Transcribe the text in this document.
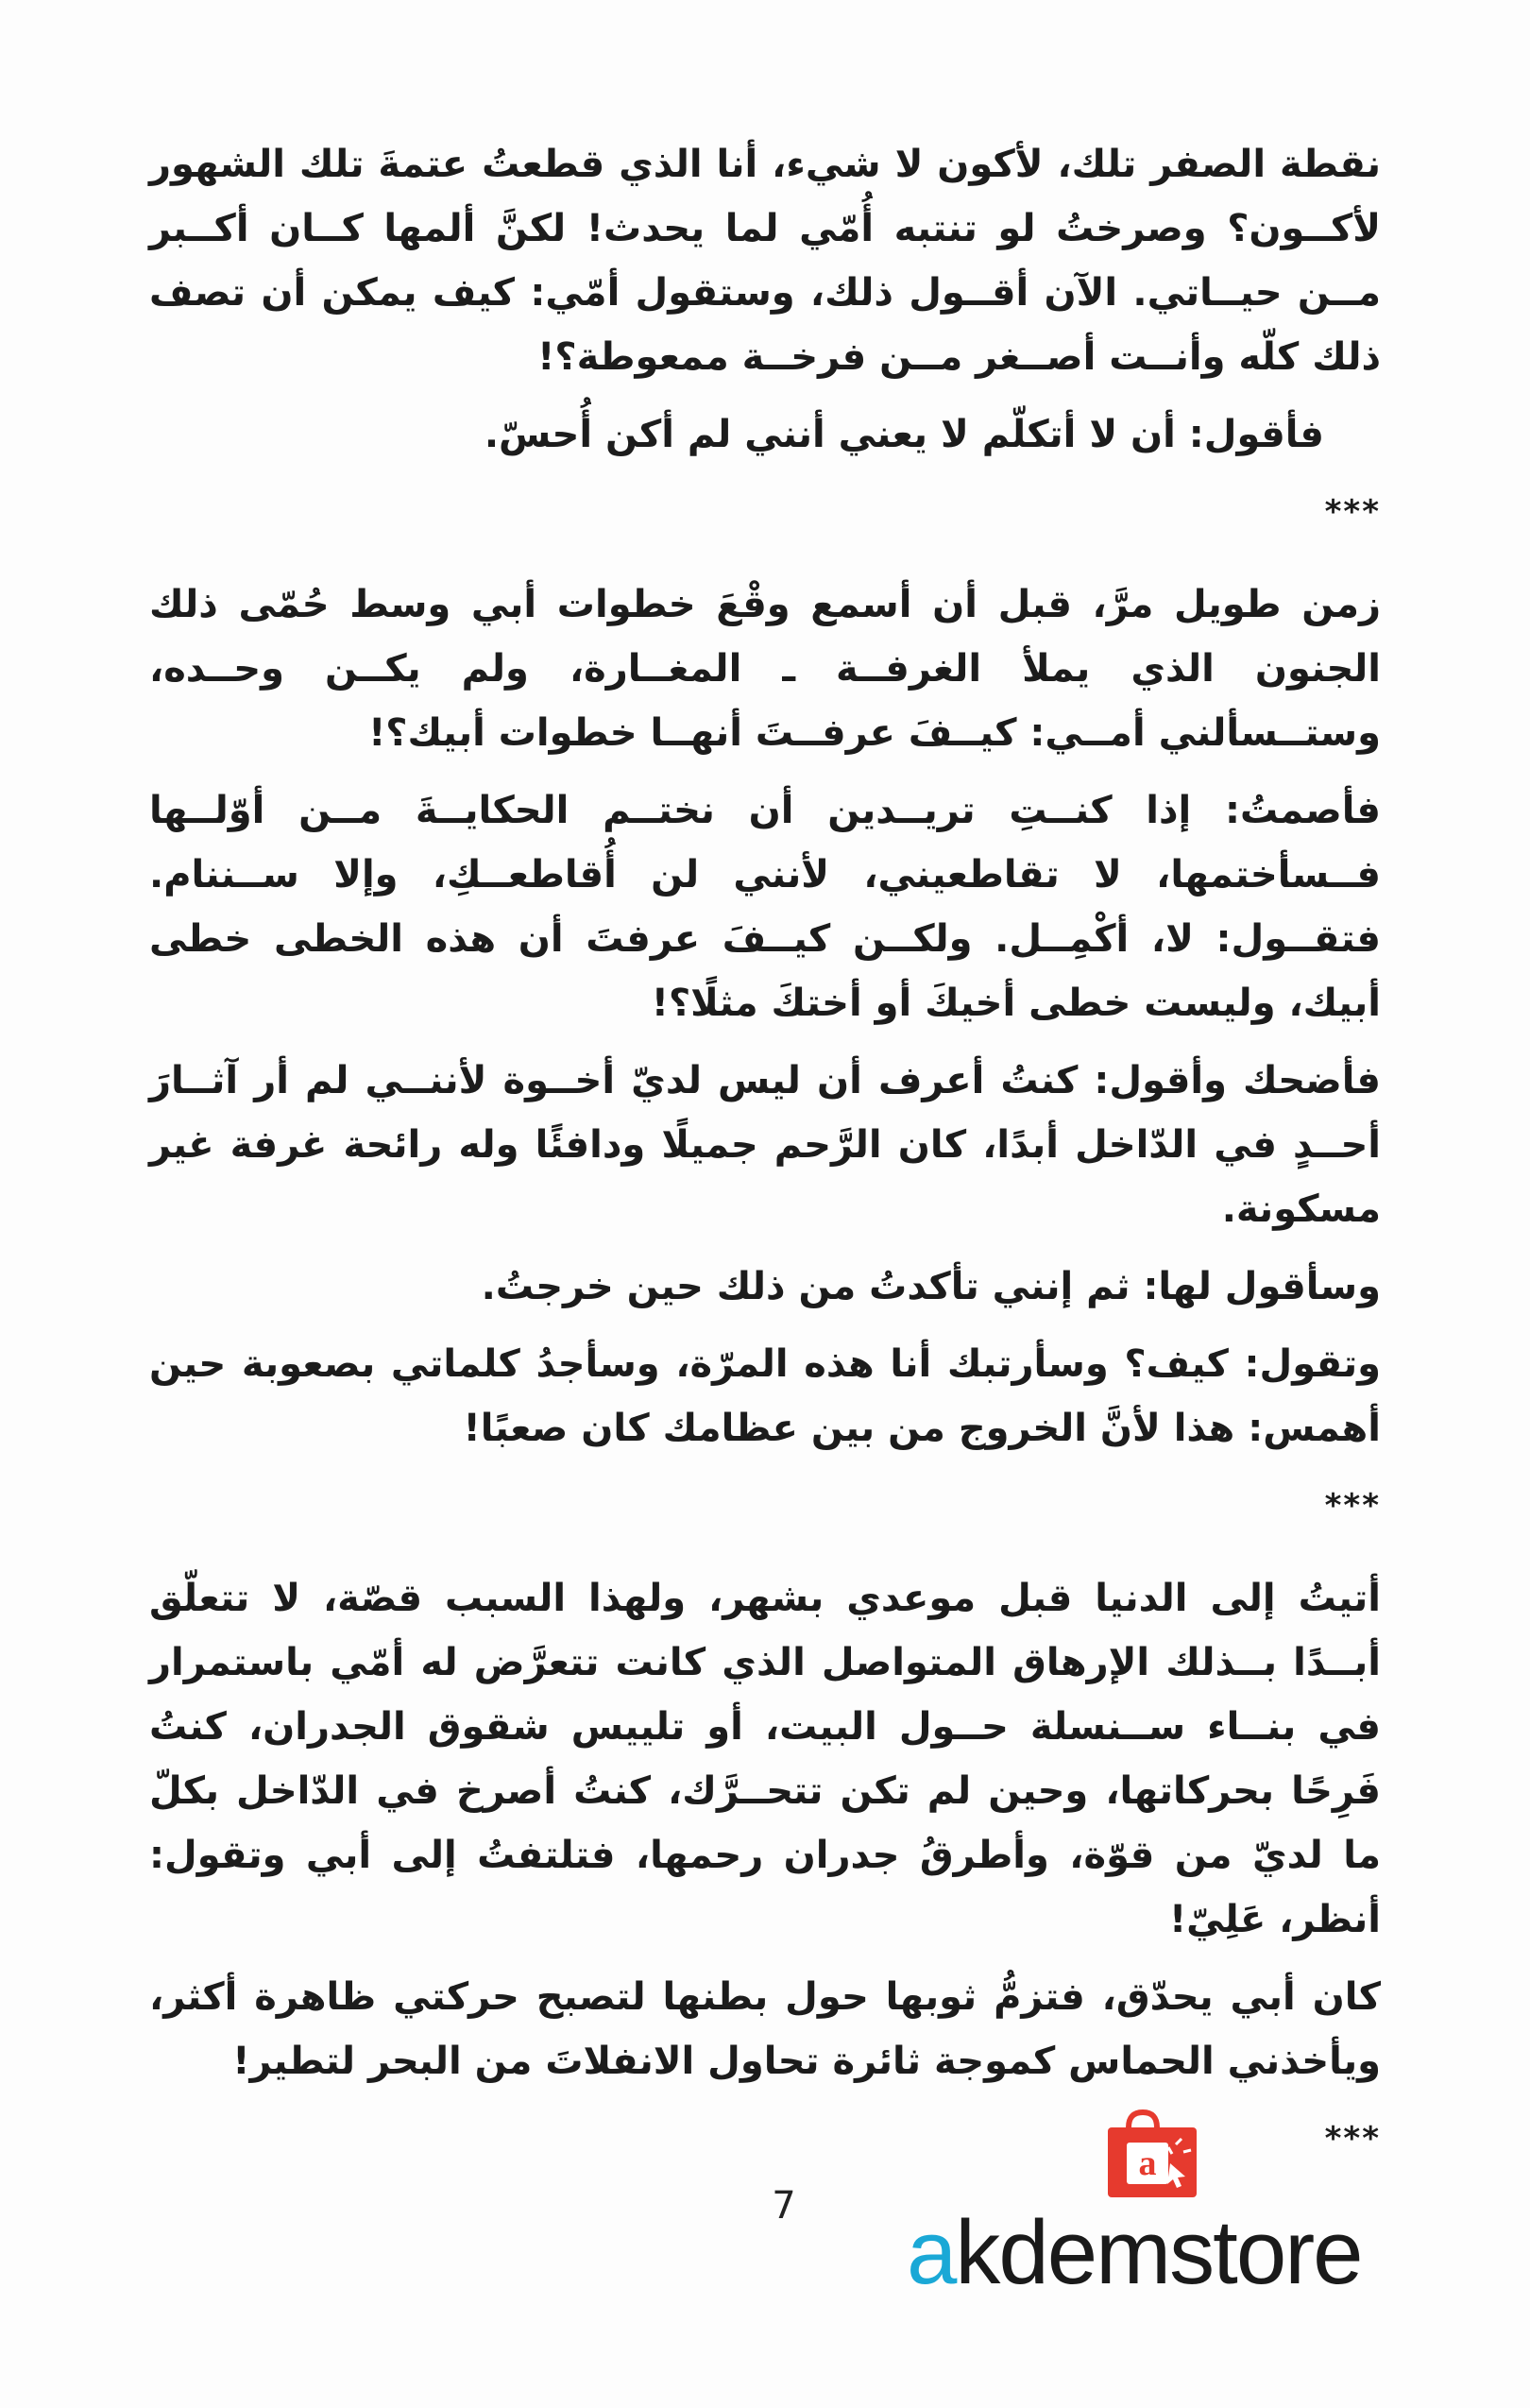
نقطة الصفر تلك، لأكون لا شيء، أنا الذي قطعتُ عتمةَ تلك الشهور لأكــون؟ وصرختُ لو تنتبه أُمّي لما يحدث! لكنَّ ألمها كــان أكــبر مــن حيــاتي. الآن أقــول ذلك، وستقول أمّي: كيف يمكن أن تصف ذلك كلّه وأنــت أصــغر مــن فرخــة ممعوطة؟!

فأقول: أن لا أتكلّم لا يعني أنني لم أكن أُحسّ.

***

زمن طويل مرَّ، قبل أن أسمع وقْعَ خطوات أبي وسط حُمّى ذلك الجنون الذي يملأ الغرفــة ـ المغــارة، ولم يكــن وحــده، وستــسألني أمــي: كيــفَ عرفــتَ أنهــا خطوات أبيك؟!

فأصمتُ: إذا كنــتِ تريــدين أن نختــم الحكايــةَ مــن أوّلــها فــسأختمها، لا تقاطعيني، لأنني لن أُقاطعــكِ، وإلا ســننام. فتقــول: لا، أكْمِــل. ولكــن كيــفَ عرفتَ أن هذه الخطى خطى أبيك، وليست خطى أخيكَ أو أختكَ مثلًا؟!

فأضحك وأقول: كنتُ أعرف أن ليس لديّ أخــوة لأننــي لم أر آثــارَ أحــدٍ في الدّاخل أبدًا، كان الرَّحم جميلًا ودافئًا وله رائحة غرفة غير مسكونة.

وسأقول لها: ثم إنني تأكدتُ من ذلك حين خرجتُ.

وتقول: كيف؟ وسأرتبك أنا هذه المرّة، وسأجدُ كلماتي بصعوبة حين أهمس: هذا لأنَّ الخروج من بين عظامك كان صعبًا!

***

أتيتُ إلى الدنيا قبل موعدي بشهر، ولهذا السبب قصّة، لا تتعلّق أبــدًا بــذلك الإرهاق المتواصل الذي كانت تتعرَّض له أمّي باستمرار في بنــاء ســنسلة حــول البيت، أو تلييس شقوق الجدران، كنتُ فَرِحًا بحركاتها، وحين لم تكن تتحــرَّك، كنتُ أصرخ في الدّاخل بكلّ ما لديّ من قوّة، وأطرقُ جدران رحمها، فتلتفتُ إلى أبي وتقول: أنظر، عَلِيّ!

كان أبي يحدّق، فتزمُّ ثوبها حول بطنها لتصبح حركتي ظاهرة أكثر، ويأخذني الحماس كموجة ثائرة تحاول الانفلاتَ من البحر لتطير!

***
7
a
akdemstore
